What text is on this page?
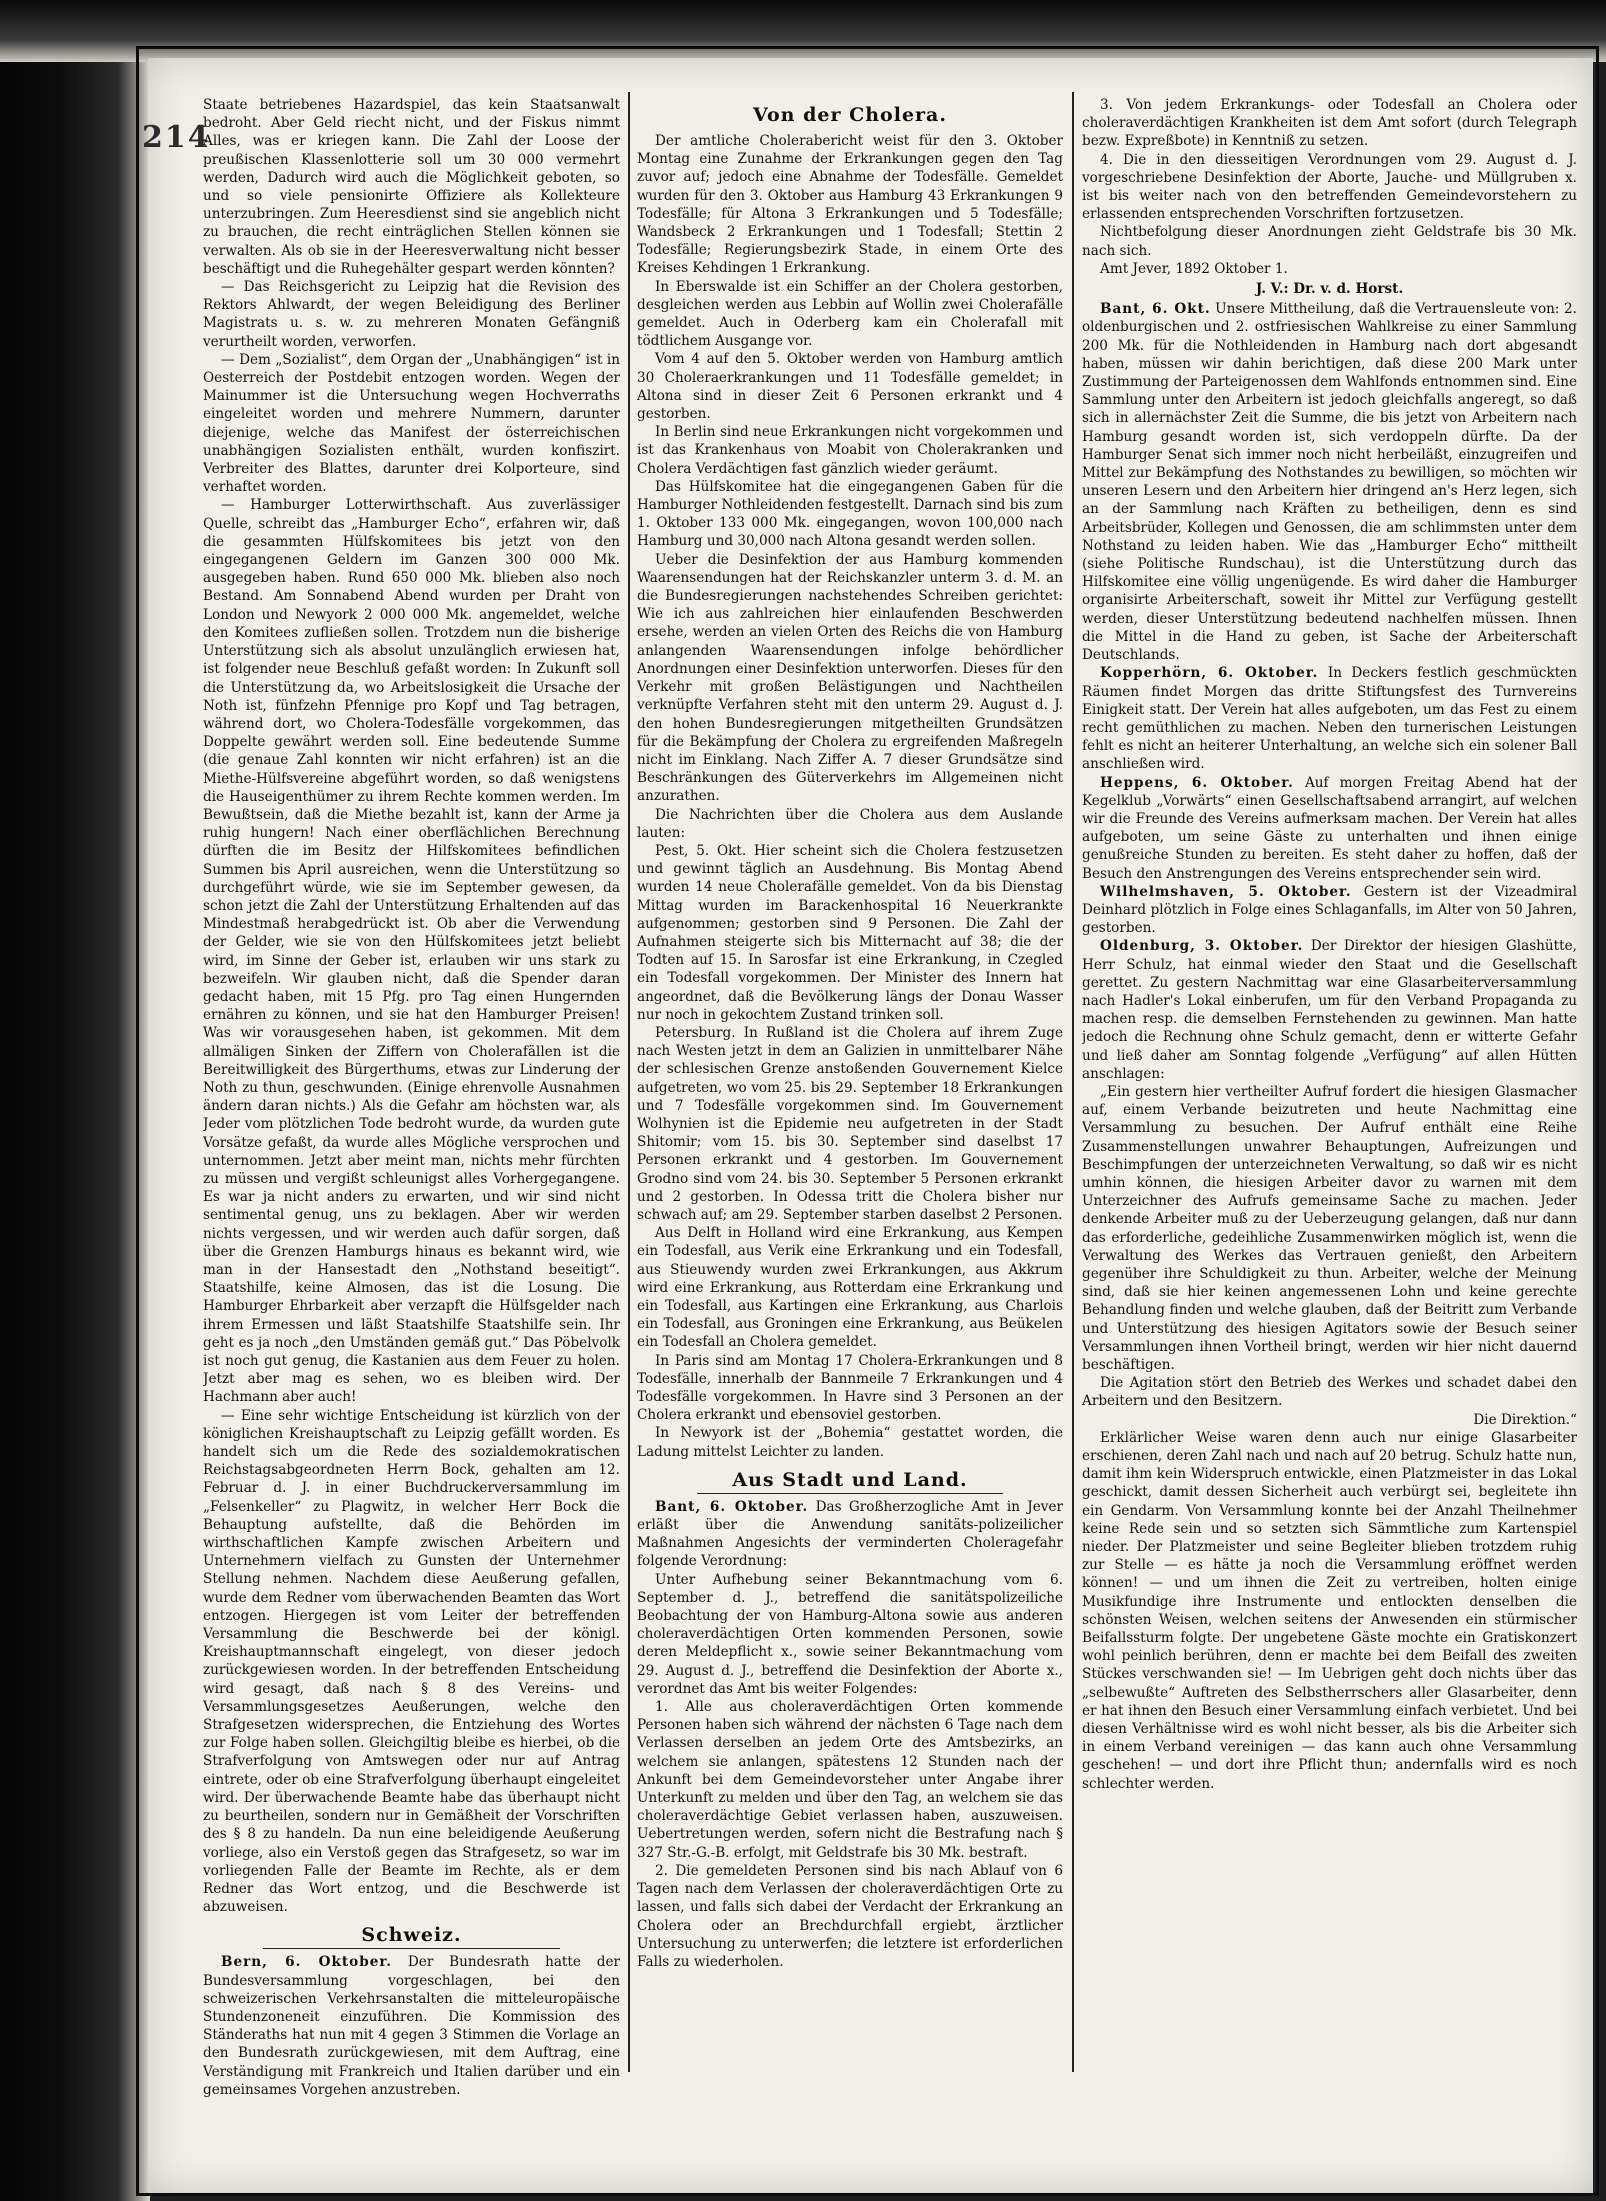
214

Staate betriebenes Hazardspiel, das kein Staatsanwalt bedroht. Aber Geld riecht nicht, und der Fiskus nimmt Alles, was er kriegen kann. Die Zahl der Loose der preußischen Klassenlotterie soll um 30 000 vermehrt werden, Dadurch wird auch die Möglichkeit geboten, so und so viele pensionirte Offiziere als Kollekteure unterzubringen. Zum Heeresdienst sind sie angeblich nicht zu brauchen, die recht einträglichen Stellen können sie verwalten. Als ob sie in der Heeresverwaltung nicht besser beschäftigt und die Ruhegehälter gespart werden könnten?

— Das Reichsgericht zu Leipzig hat die Revision des Rektors Ahlwardt, der wegen Beleidigung des Berliner Magistrats u. s. w. zu mehreren Monaten Gefängniß verurtheilt worden, verworfen.

— Dem „Sozialist“, dem Organ der „Unabhängigen“ ist in Oesterreich der Postdebit entzogen worden. Wegen der Mainummer ist die Untersuchung wegen Hochverraths eingeleitet worden und mehrere Nummern, darunter diejenige, welche das Manifest der österreichischen unabhängigen Sozialisten enthält, wurden konfiszirt. Verbreiter des Blattes, darunter drei Kolporteure, sind verhaftet worden.

— Hamburger Lotterwirthschaft. Aus zuverlässiger Quelle, schreibt das „Hamburger Echo“, erfahren wir, daß die gesammten Hülfskomitees bis jetzt von den eingegangenen Geldern im Ganzen 300 000 Mk. ausgegeben haben. Rund 650 000 Mk. blieben also noch Bestand. Am Sonnabend Abend wurden per Draht von London und Newyork 2 000 000 Mk. angemeldet, welche den Komitees zufließen sollen. Trotzdem nun die bisherige Unterstützung sich als absolut unzulänglich erwiesen hat, ist folgender neue Beschluß gefaßt worden: In Zukunft soll die Unterstützung da, wo Arbeitslosigkeit die Ursache der Noth ist, fünfzehn Pfennige pro Kopf und Tag betragen, während dort, wo Cholera-Todesfälle vorgekommen, das Doppelte gewährt werden soll. Eine bedeutende Summe (die genaue Zahl konnten wir nicht erfahren) ist an die Miethe-Hülfsvereine abgeführt worden, so daß wenigstens die Hauseigenthümer zu ihrem Rechte kommen werden. Im Bewußtsein, daß die Miethe bezahlt ist, kann der Arme ja ruhig hungern! Nach einer oberflächlichen Berechnung dürften die im Besitz der Hilfskomitees befindlichen Summen bis April ausreichen, wenn die Unterstützung so durchgeführt würde, wie sie im September gewesen, da schon jetzt die Zahl der Unterstützung Erhaltenden auf das Mindestmaß herabgedrückt ist. Ob aber die Verwendung der Gelder, wie sie von den Hülfskomitees jetzt beliebt wird, im Sinne der Geber ist, erlauben wir uns stark zu bezweifeln. Wir glauben nicht, daß die Spender daran gedacht haben, mit 15 Pfg. pro Tag einen Hungernden ernähren zu können, und sie hat den Hamburger Preisen! Was wir vorausgesehen haben, ist gekommen. Mit dem allmäligen Sinken der Ziffern von Cholerafällen ist die Bereitwilligkeit des Bürgerthums, etwas zur Linderung der Noth zu thun, geschwunden. (Einige ehrenvolle Ausnahmen ändern daran nichts.) Als die Gefahr am höchsten war, als Jeder vom plötzlichen Tode bedroht wurde, da wurden gute Vorsätze gefaßt, da wurde alles Mögliche versprochen und unternommen. Jetzt aber meint man, nichts mehr fürchten zu müssen und vergißt schleunigst alles Vorhergegangene. Es war ja nicht anders zu erwarten, und wir sind nicht sentimental genug, uns zu beklagen. Aber wir werden nichts vergessen, und wir werden auch dafür sorgen, daß über die Grenzen Hamburgs hinaus es bekannt wird, wie man in der Hansestadt den „Nothstand beseitigt“. Staatshilfe, keine Almosen, das ist die Losung. Die Hamburger Ehrbarkeit aber verzapft die Hülfsgelder nach ihrem Ermessen und läßt Staatshilfe Staatshilfe sein. Ihr geht es ja noch „den Umständen gemäß gut.“ Das Pöbelvolk ist noch gut genug, die Kastanien aus dem Feuer zu holen. Jetzt aber mag es sehen, wo es bleiben wird. Der Hachmann aber auch!

— Eine sehr wichtige Entscheidung ist kürzlich von der königlichen Kreishauptschaft zu Leipzig gefällt worden. Es handelt sich um die Rede des sozialdemokratischen Reichstagsabgeordneten Herrn Bock, gehalten am 12. Februar d. J. in einer Buchdruckerversammlung im „Felsenkeller“ zu Plagwitz, in welcher Herr Bock die Behauptung aufstellte, daß die Behörden im wirthschaftlichen Kampfe zwischen Arbeitern und Unternehmern vielfach zu Gunsten der Unternehmer Stellung nehmen. Nachdem diese Aeußerung gefallen, wurde dem Redner vom überwachenden Beamten das Wort entzogen. Hiergegen ist vom Leiter der betreffenden Versammlung die Beschwerde bei der königl. Kreishauptmannschaft eingelegt, von dieser jedoch zurückgewiesen worden. In der betreffenden Entscheidung wird gesagt, daß nach § 8 des Vereins- und Versammlungsgesetzes Aeußerungen, welche den Strafgesetzen widersprechen, die Entziehung des Wortes zur Folge haben sollen. Gleichgiltig bleibe es hierbei, ob die Strafverfolgung von Amtswegen oder nur auf Antrag eintrete, oder ob eine Strafverfolgung überhaupt eingeleitet wird. Der überwachende Beamte habe das überhaupt nicht zu beurtheilen, sondern nur in Gemäßheit der Vorschriften des § 8 zu handeln. Da nun eine beleidigende Aeußerung vorliege, also ein Verstoß gegen das Strafgesetz, so war im vorliegenden Falle der Beamte im Rechte, als er dem Redner das Wort entzog, und die Beschwerde ist abzuweisen.

Schweiz.

Bern, 6. Oktober. Der Bundesrath hatte der Bundesversammlung vorgeschlagen, bei den schweizerischen Verkehrsanstalten die mitteleuropäische Stundenzoneneit einzuführen. Die Kommission des Ständeraths hat nun mit 4 gegen 3 Stimmen die Vorlage an den Bundesrath zurückgewiesen, mit dem Auftrag, eine Verständigung mit Frankreich und Italien darüber und ein gemeinsames Vorgehen anzustreben.

Von der Cholera.

Der amtliche Cholerabericht weist für den 3. Oktober Montag eine Zunahme der Erkrankungen gegen den Tag zuvor auf; jedoch eine Abnahme der Todesfälle. Gemeldet wurden für den 3. Oktober aus Hamburg 43 Erkrankungen 9 Todesfälle; für Altona 3 Erkrankungen und 5 Todesfälle; Wandsbeck 2 Erkrankungen und 1 Todesfall; Stettin 2 Todesfälle; Regierungsbezirk Stade, in einem Orte des Kreises Kehdingen 1 Erkrankung.

In Eberswalde ist ein Schiffer an der Cholera gestorben, desgleichen werden aus Lebbin auf Wollin zwei Cholerafälle gemeldet. Auch in Oderberg kam ein Cholerafall mit tödtlichem Ausgange vor.

Vom 4 auf den 5. Oktober werden von Hamburg amtlich 30 Choleraerkrankungen und 11 Todesfälle gemeldet; in Altona sind in dieser Zeit 6 Personen erkrankt und 4 gestorben.

In Berlin sind neue Erkrankungen nicht vorgekommen und ist das Krankenhaus von Moabit von Cholerakranken und Cholera Verdächtigen fast gänzlich wieder geräumt.

Das Hülfskomitee hat die eingegangenen Gaben für die Hamburger Nothleidenden festgestellt. Darnach sind bis zum 1. Oktober 133 000 Mk. eingegangen, wovon 100,000 nach Hamburg und 30,000 nach Altona gesandt werden sollen.

Ueber die Desinfektion der aus Hamburg kommenden Waarensendungen hat der Reichskanzler unterm 3. d. M. an die Bundesregierungen nachstehendes Schreiben gerichtet: Wie ich aus zahlreichen hier einlaufenden Beschwerden ersehe, werden an vielen Orten des Reichs die von Hamburg anlangenden Waarensendungen infolge behördlicher Anordnungen einer Desinfektion unterworfen. Dieses für den Verkehr mit großen Belästigungen und Nachtheilen verknüpfte Verfahren steht mit den unterm 29. August d. J. den hohen Bundesregierungen mitgetheilten Grundsätzen für die Bekämpfung der Cholera zu ergreifenden Maßregeln nicht im Einklang. Nach Ziffer A. 7 dieser Grundsätze sind Beschränkungen des Güterverkehrs im Allgemeinen nicht anzurathen.

Die Nachrichten über die Cholera aus dem Auslande lauten:

Pest, 5. Okt. Hier scheint sich die Cholera festzusetzen und gewinnt täglich an Ausdehnung. Bis Montag Abend wurden 14 neue Cholerafälle gemeldet. Von da bis Dienstag Mittag wurden im Barackenhospital 16 Neuerkrankte aufgenommen; gestorben sind 9 Personen. Die Zahl der Aufnahmen steigerte sich bis Mitternacht auf 38; die der Todten auf 15. In Sarosfar ist eine Erkrankung, in Czegled ein Todesfall vorgekommen. Der Minister des Innern hat angeordnet, daß die Bevölkerung längs der Donau Wasser nur noch in gekochtem Zustand trinken soll.

Petersburg. In Rußland ist die Cholera auf ihrem Zuge nach Westen jetzt in dem an Galizien in unmittelbarer Nähe der schlesischen Grenze anstoßenden Gouvernement Kielce aufgetreten, wo vom 25. bis 29. September 18 Erkrankungen und 7 Todesfälle vorgekommen sind. Im Gouvernement Wolhynien ist die Epidemie neu aufgetreten in der Stadt Shitomir; vom 15. bis 30. September sind daselbst 17 Personen erkrankt und 4 gestorben. Im Gouvernement Grodno sind vom 24. bis 30. September 5 Personen erkrankt und 2 gestorben. In Odessa tritt die Cholera bisher nur schwach auf; am 29. September starben daselbst 2 Personen.

Aus Delft in Holland wird eine Erkrankung, aus Kempen ein Todesfall, aus Verik eine Erkrankung und ein Todesfall, aus Stieuwendy wurden zwei Erkrankungen, aus Akkrum wird eine Erkrankung, aus Rotterdam eine Erkrankung und ein Todesfall, aus Kartingen eine Erkrankung, aus Charlois ein Todesfall, aus Groningen eine Erkrankung, aus Beükelen ein Todesfall an Cholera gemeldet.

In Paris sind am Montag 17 Cholera-Erkrankungen und 8 Todesfälle, innerhalb der Bannmeile 7 Erkrankungen und 4 Todesfälle vorgekommen. In Havre sind 3 Personen an der Cholera erkrankt und ebensoviel gestorben.

In Newyork ist der „Bohemia“ gestattet worden, die Ladung mittelst Leichter zu landen.

Aus Stadt und Land.

Bant, 6. Oktober. Das Großherzogliche Amt in Jever erläßt über die Anwendung sanitäts-polizeilicher Maßnahmen Angesichts der verminderten Choleragefahr folgende Verordnung:

Unter Aufhebung seiner Bekanntmachung vom 6. September d. J., betreffend die sanitätspolizeiliche Beobachtung der von Hamburg-Altona sowie aus anderen choleraverdächtigen Orten kommenden Personen, sowie deren Meldepflicht x., sowie seiner Bekanntmachung vom 29. August d. J., betreffend die Desinfektion der Aborte x., verordnet das Amt bis weiter Folgendes:

1. Alle aus choleraverdächtigen Orten kommende Personen haben sich während der nächsten 6 Tage nach dem Verlassen derselben an jedem Orte des Amtsbezirks, an welchem sie anlangen, spätestens 12 Stunden nach der Ankunft bei dem Gemeindevorsteher unter Angabe ihrer Unterkunft zu melden und über den Tag, an welchem sie das choleraverdächtige Gebiet verlassen haben, auszuweisen. Uebertretungen werden, sofern nicht die Bestrafung nach § 327 Str.-G.-B. erfolgt, mit Geldstrafe bis 30 Mk. bestraft.

2. Die gemeldeten Personen sind bis nach Ablauf von 6 Tagen nach dem Verlassen der choleraverdächtigen Orte zu lassen, und falls sich dabei der Verdacht der Erkrankung an Cholera oder an Brechdurchfall ergiebt, ärztlicher Untersuchung zu unterwerfen; die letztere ist erforderlichen Falls zu wiederholen.

3. Von jedem Erkrankungs- oder Todesfall an Cholera oder choleraverdächtigen Krankheiten ist dem Amt sofort (durch Telegraph bezw. Expreßbote) in Kenntniß zu setzen.

4. Die in den diesseitigen Verordnungen vom 29. August d. J. vorgeschriebene Desinfektion der Aborte, Jauche- und Müllgruben x. ist bis weiter nach von den betreffenden Gemeindevorstehern zu erlassenden entsprechenden Vorschriften fortzusetzen.

Nichtbefolgung dieser Anordnungen zieht Geldstrafe bis 30 Mk. nach sich.

Amt Jever, 1892 Oktober 1.

J. V.: Dr. v. d. Horst.

Bant, 6. Okt. Unsere Mittheilung, daß die Vertrauensleute von: 2. oldenburgischen und 2. ostfriesischen Wahlkreise zu einer Sammlung 200 Mk. für die Nothleidenden in Hamburg nach dort abgesandt haben, müssen wir dahin berichtigen, daß diese 200 Mark unter Zustimmung der Parteigenossen dem Wahlfonds entnommen sind. Eine Sammlung unter den Arbeitern ist jedoch gleichfalls angeregt, so daß sich in allernächster Zeit die Summe, die bis jetzt von Arbeitern nach Hamburg gesandt worden ist, sich verdoppeln dürfte. Da der Hamburger Senat sich immer noch nicht herbeiläßt, einzugreifen und Mittel zur Bekämpfung des Nothstandes zu bewilligen, so möchten wir unseren Lesern und den Arbeitern hier dringend an's Herz legen, sich an der Sammlung nach Kräften zu betheiligen, denn es sind Arbeitsbrüder, Kollegen und Genossen, die am schlimmsten unter dem Nothstand zu leiden haben. Wie das „Hamburger Echo“ mittheilt (siehe Politische Rundschau), ist die Unterstützung durch das Hilfskomitee eine völlig ungenügende. Es wird daher die Hamburger organisirte Arbeiterschaft, soweit ihr Mittel zur Verfügung gestellt werden, dieser Unterstützung bedeutend nachhelfen müssen. Ihnen die Mittel in die Hand zu geben, ist Sache der Arbeiterschaft Deutschlands.

Kopperhörn, 6. Oktober. In Deckers festlich geschmückten Räumen findet Morgen das dritte Stiftungsfest des Turnvereins Einigkeit statt. Der Verein hat alles aufgeboten, um das Fest zu einem recht gemüthlichen zu machen. Neben den turnerischen Leistungen fehlt es nicht an heiterer Unterhaltung, an welche sich ein solener Ball anschließen wird.

Heppens, 6. Oktober. Auf morgen Freitag Abend hat der Kegelklub „Vorwärts“ einen Gesellschaftsabend arrangirt, auf welchen wir die Freunde des Vereins aufmerksam machen. Der Verein hat alles aufgeboten, um seine Gäste zu unterhalten und ihnen einige genußreiche Stunden zu bereiten. Es steht daher zu hoffen, daß der Besuch den Anstrengungen des Vereins entsprechender sein wird.

Wilhelmshaven, 5. Oktober. Gestern ist der Vizeadmiral Deinhard plötzlich in Folge eines Schlaganfalls, im Alter von 50 Jahren, gestorben.

Oldenburg, 3. Oktober. Der Direktor der hiesigen Glashütte, Herr Schulz, hat einmal wieder den Staat und die Gesellschaft gerettet. Zu gestern Nachmittag war eine Glasarbeiterversammlung nach Hadler's Lokal einberufen, um für den Verband Propaganda zu machen resp. die demselben Fernstehenden zu gewinnen. Man hatte jedoch die Rechnung ohne Schulz gemacht, denn er witterte Gefahr und ließ daher am Sonntag folgende „Verfügung“ auf allen Hütten anschlagen:

„Ein gestern hier vertheilter Aufruf fordert die hiesigen Glasmacher auf, einem Verbande beizutreten und heute Nachmittag eine Versammlung zu besuchen. Der Aufruf enthält eine Reihe Zusammenstellungen unwahrer Behauptungen, Aufreizungen und Beschimpfungen der unterzeichneten Verwaltung, so daß wir es nicht umhin können, die hiesigen Arbeiter davor zu warnen mit dem Unterzeichner des Aufrufs gemeinsame Sache zu machen. Jeder denkende Arbeiter muß zu der Ueberzeugung gelangen, daß nur dann das erforderliche, gedeihliche Zusammenwirken möglich ist, wenn die Verwaltung des Werkes das Vertrauen genießt, den Arbeitern gegenüber ihre Schuldigkeit zu thun. Arbeiter, welche der Meinung sind, daß sie hier keinen angemessenen Lohn und keine gerechte Behandlung finden und welche glauben, daß der Beitritt zum Verbande und Unterstützung des hiesigen Agitators sowie der Besuch seiner Versammlungen ihnen Vortheil bringt, werden wir hier nicht dauernd beschäftigen.

Die Agitation stört den Betrieb des Werkes und schadet dabei den Arbeitern und den Besitzern.

Die Direktion.“

Erklärlicher Weise waren denn auch nur einige Glasarbeiter erschienen, deren Zahl nach und nach auf 20 betrug. Schulz hatte nun, damit ihm kein Widerspruch entwickle, einen Platzmeister in das Lokal geschickt, damit dessen Sicherheit auch verbürgt sei, begleitete ihn ein Gendarm. Von Versammlung konnte bei der Anzahl Theilnehmer keine Rede sein und so setzten sich Sämmtliche zum Kartenspiel nieder. Der Platzmeister und seine Begleiter blieben trotzdem ruhig zur Stelle — es hätte ja noch die Versammlung eröffnet werden können! — und um ihnen die Zeit zu vertreiben, holten einige Musikfundige ihre Instrumente und entlockten denselben die schönsten Weisen, welchen seitens der Anwesenden ein stürmischer Beifallssturm folgte. Der ungebetene Gäste mochte ein Gratiskonzert wohl peinlich berühren, denn er machte bei dem Beifall des zweiten Stückes verschwanden sie! — Im Uebrigen geht doch nichts über das „selbewußte“ Auftreten des Selbstherrschers aller Glasarbeiter, denn er hat ihnen den Besuch einer Versammlung einfach verbietet. Und bei diesen Verhältnisse wird es wohl nicht besser, als bis die Arbeiter sich in einem Verband vereinigen — das kann auch ohne Versammlung geschehen! — und dort ihre Pflicht thun; andernfalls wird es noch schlechter werden.
